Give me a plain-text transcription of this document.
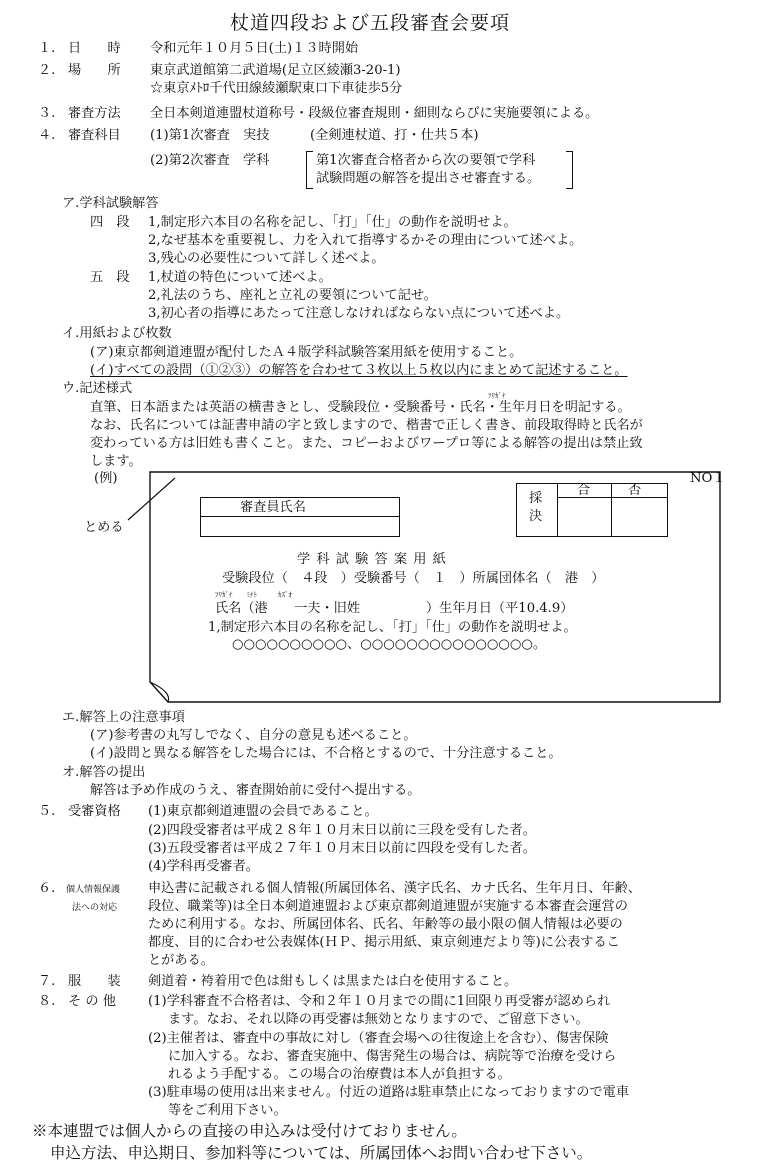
杖道四段および五段審査会要項
１. 日　　時 令和元年１０月５日(土)１３時開始
２. 場　　所 東京武道館第二武道場(足立区綾瀬3-20-1)
☆東京ﾒﾄﾛ千代田線綾瀬駅東口下車徒歩5分
３. 審査方法 全日本剣道連盟杖道称号・段級位審査規則・細則ならびに実施要領による。
４. 審査科目 (1)第1次審査　実技	(全剣連杖道、打・仕共５本)
(2)第2次審査　学科	第1次審査合格者から次の要領で学科
試験問題の解答を提出させ審査する。
ア.学科試験解答
四　段 1,制定形六本目の名称を記し、「打」「仕」の動作を説明せよ。
2,なぜ基本を重要視し、力を入れて指導するかその理由について述べよ。
3,残心の必要性について詳しく述べよ。
五　段 1,杖道の特色について述べよ。
2,礼法のうち、座礼と立礼の要領について記せ。
3,初心者の指導にあたって注意しなければならない点について述べよ。
イ.用紙および枚数
(ア)東京都剣道連盟が配付したＡ４版学科試験答案用紙を使用すること。
(イ)すべての設問（①②③）の解答を合わせて３枚以上５枚以内にまとめて記述すること。
ウ.記述様式	ﾌﾘｶﾞﾅ
直筆、日本語または英語の横書きとし、受験段位・受験番号・氏名・生年月日を明記する。
なお、氏名については証書申請の字と致しますので、楷書で正しく書き、前段取得時と氏名が
変わっている方は旧姓も書くこと。また、コピーおよびワープロ等による解答の提出は禁止致
します。
(例)
とめる
NO１
審査員氏名
採
決
合	否
学 科 試 験 答 案 用 紙
受験段位（　４段　）受験番号（　１　）所属団体名（　港　）
ﾌﾘｶﾞﾅ　　ﾐﾅﾄ　　　ｶｽﾞｵ
氏名（港　　一夫・旧姓　　　　　）生年月日（平10.4.9）
1,制定形六本目の名称を記し、「打」「仕」の動作を説明せよ。
○○○○○○○○○○、○○○○○○○○○○○○○○○。
エ.解答上の注意事項
(ア)参考書の丸写しでなく、自分の意見も述べること。
(イ)設問と異なる解答をした場合には、不合格とするので、十分注意すること。
オ.解答の提出
解答は予め作成のうえ、審査開始前に受付へ提出する。
５. 受審資格 (1)東京都剣道連盟の会員であること。
(2)四段受審者は平成２８年１０月末日以前に三段を受有した者。
(3)五段受審者は平成２７年１０月末日以前に四段を受有した者。
(4)学科再受審者。
６. 個人情報保護
法への対応
申込書に記載される個人情報(所属団体名、漢字氏名、カナ氏名、生年月日、年齢、
段位、職業等)は全日本剣道連盟および東京都剣道連盟が実施する本審査会運営の
ために利用する。なお、所属団体名、氏名、年齢等の最小限の個人情報は必要の
都度、目的に合わせ公表媒体(ＨＰ、掲示用紙、東京剣連だより等)に公表するこ
とがある。
７. 服　　装 剣道着・袴着用で色は紺もしくは黒または白を使用すること。
８. そ の 他 (1)学科審査不合格者は、令和２年１０月までの間に1回限り再受審が認められ
ます。なお、それ以降の再受審は無効となりますので、ご留意下さい。
(2)主催者は、審査中の事故に対し（審査会場への往復途上を含む）、傷害保険
に加入する。なお、審査実施中、傷害発生の場合は、病院等で治療を受けら
れるよう手配する。この場合の治療費は本人が負担する。
(3)駐車場の使用は出来ません。付近の道路は駐車禁止になっておりますので電車
等をご利用下さい。
※本連盟では個人からの直接の申込みは受付けておりません。
申込方法、申込期日、参加料等については、所属団体へお問い合わせ下さい。
